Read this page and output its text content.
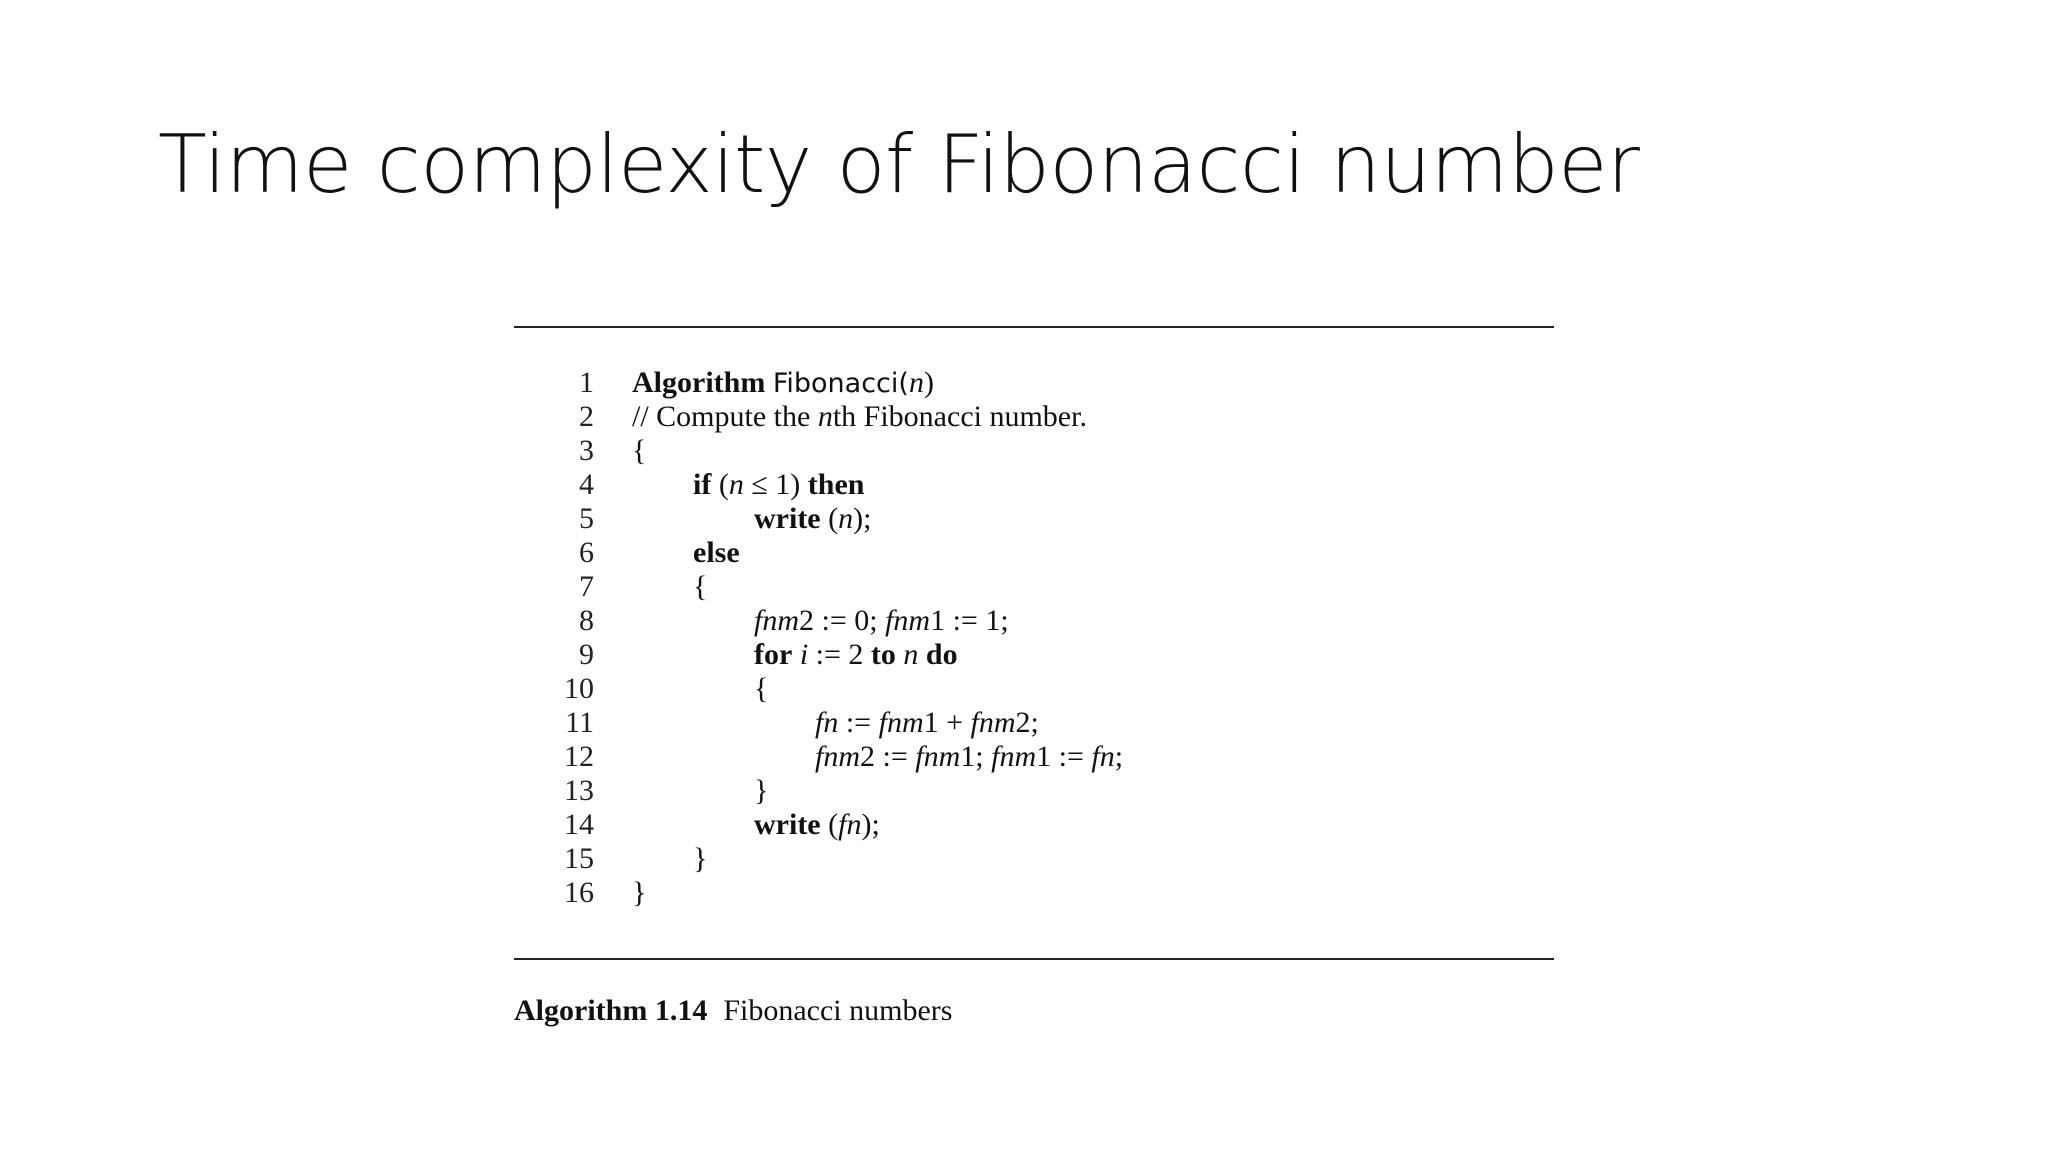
Time complexity of Fibonacci number
1	Algorithm Fibonacci(n)
2	// Compute the nth Fibonacci number.
3	{
4	if (n ≤ 1) then
5	write (n);
6	else
7	{
8	fnm2 := 0; fnm1 := 1;
9	for i := 2 to n do
10	{
11	fn := fnm1 + fnm2;
12	fnm2 := fnm1; fnm1 := fn;
13	}
14	write (fn);
15	}
16	}
Algorithm 1.14 Fibonacci numbers
